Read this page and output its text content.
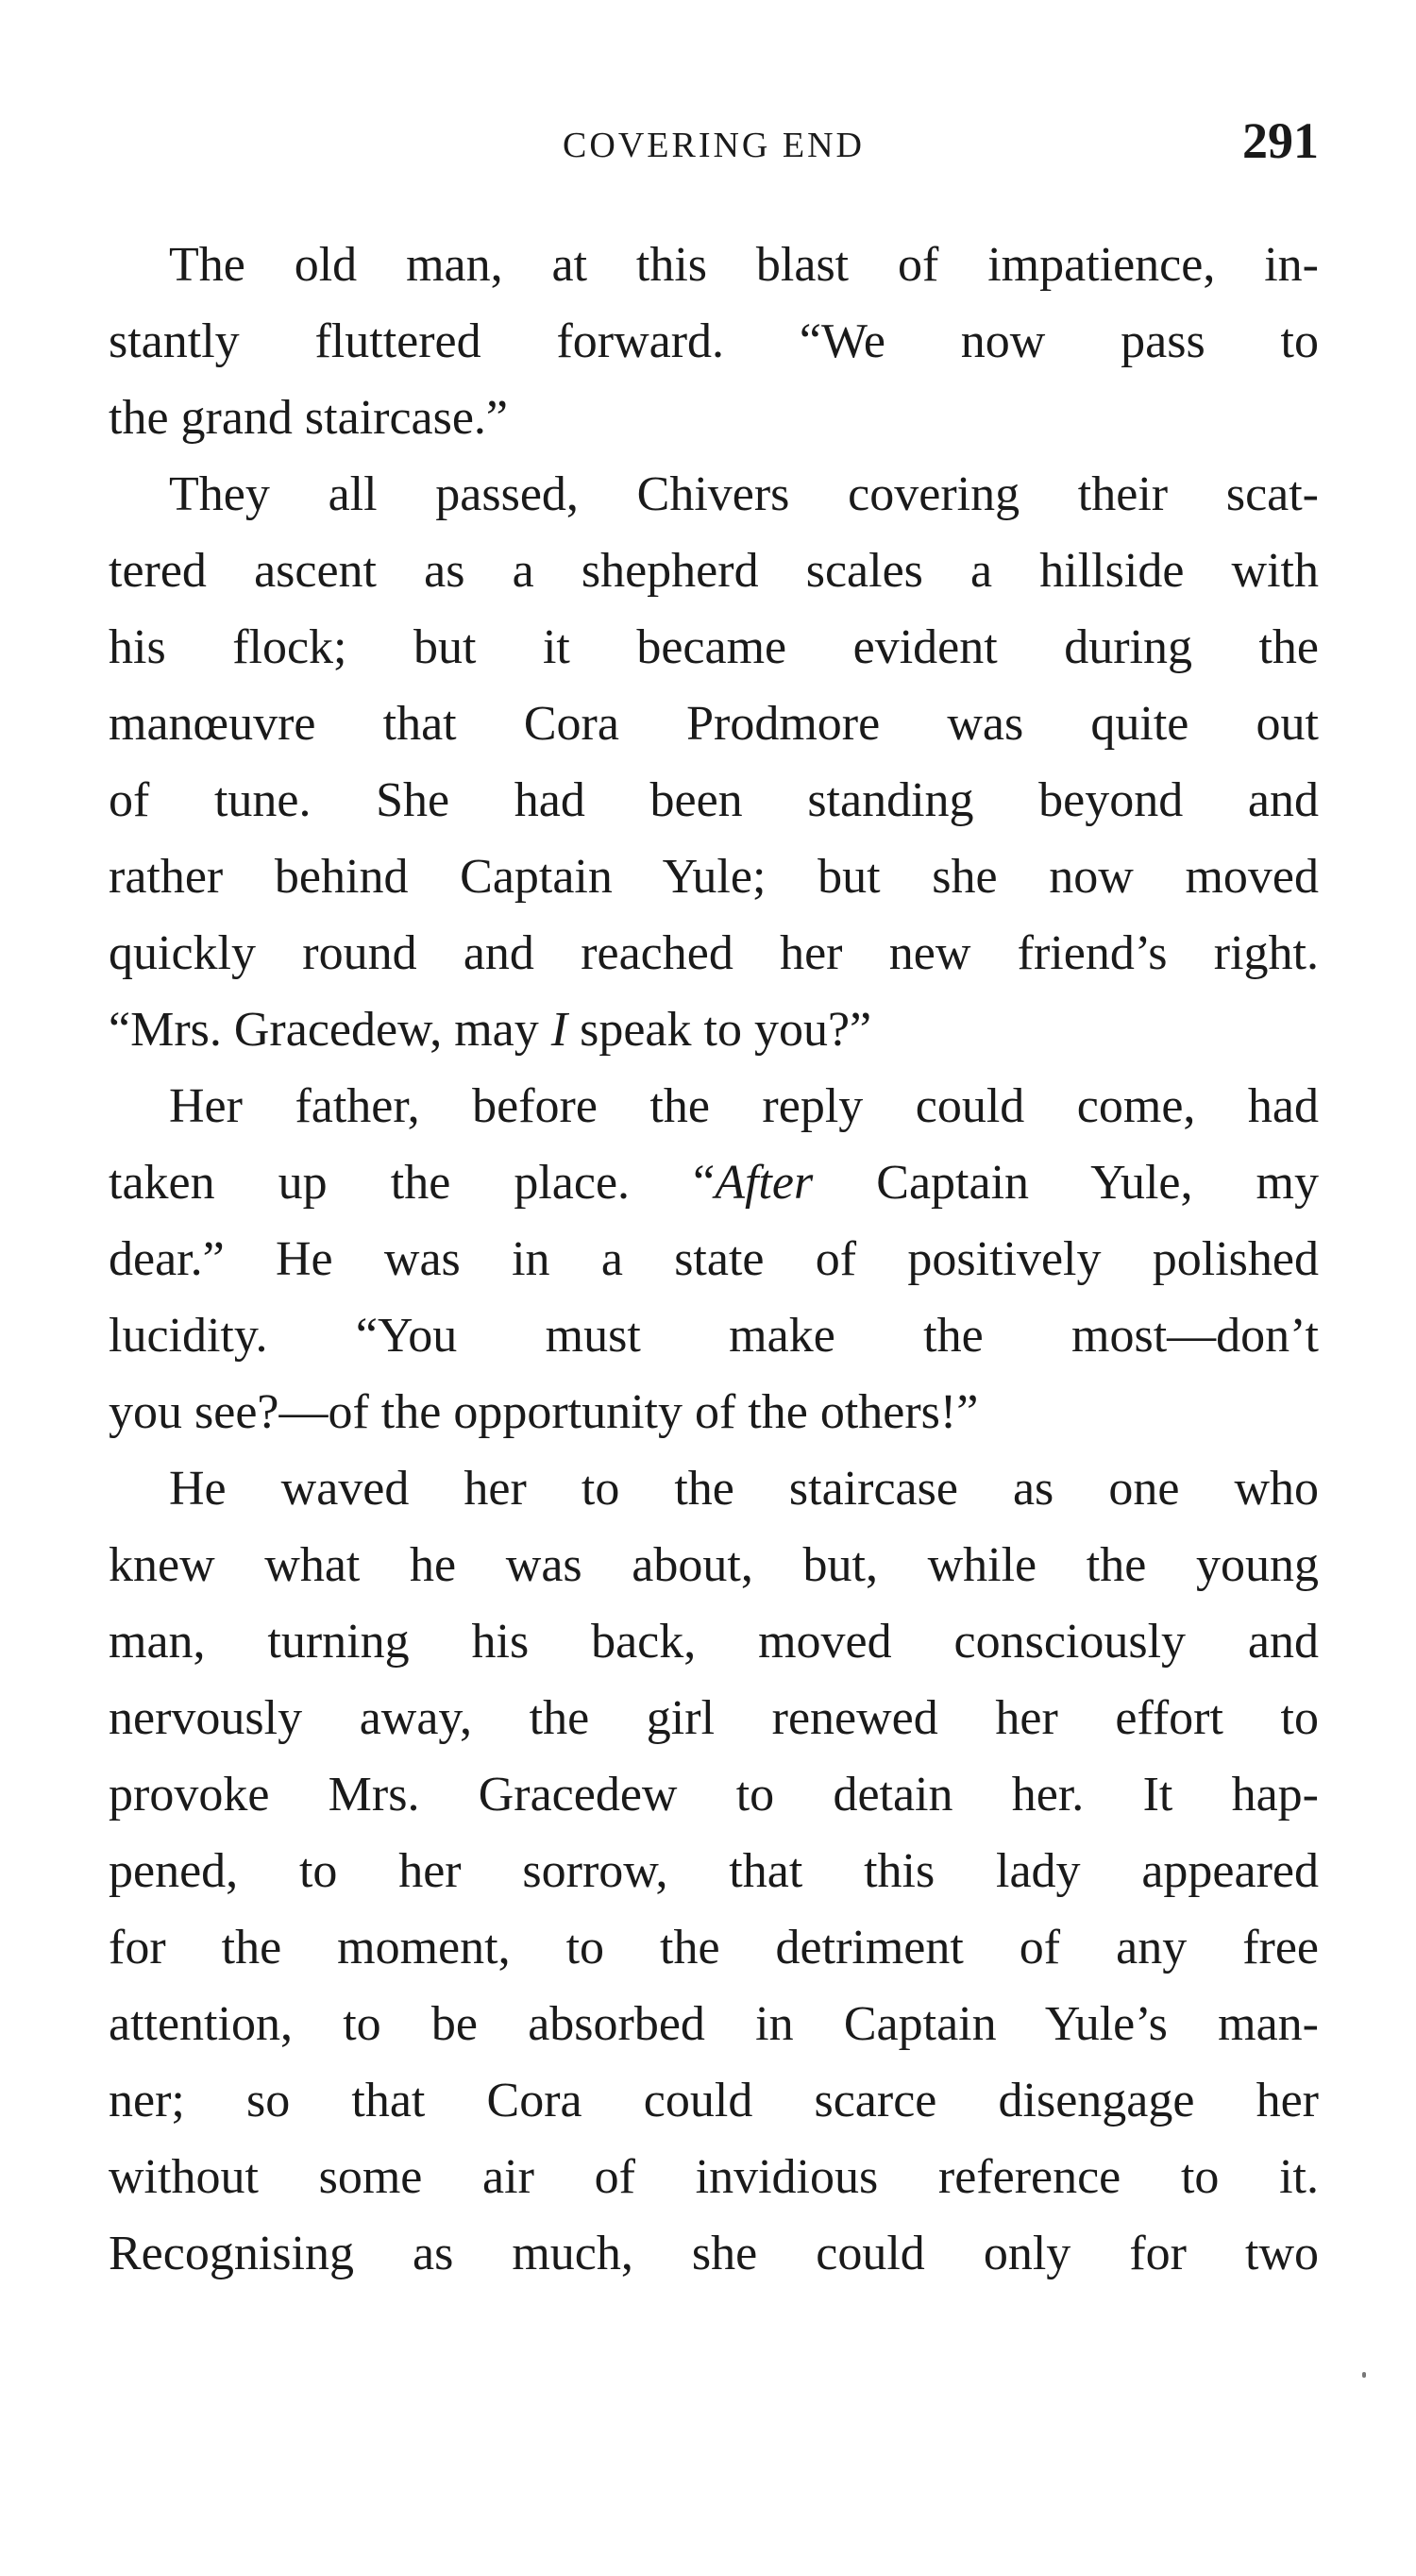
COVERING END	291
The old man, at this blast of impatience, in-
stantly fluttered forward. “We now pass to
the grand staircase.”
They all passed, Chivers covering their scat-
tered ascent as a shepherd scales a hillside with
his flock; but it became evident during the
manœuvre that Cora Prodmore was quite out
of tune. She had been standing beyond and
rather behind Captain Yule; but she now moved
quickly round and reached her new friend’s right.
“Mrs. Gracedew, may I speak to you?”
Her father, before the reply could come, had
taken up the place. “After Captain Yule, my
dear.” He was in a state of positively polished
lucidity. “You must make the most—don’t
you see?—of the opportunity of the others!”
He waved her to the staircase as one who
knew what he was about, but, while the young
man, turning his back, moved consciously and
nervously away, the girl renewed her effort to
provoke Mrs. Gracedew to detain her. It hap-
pened, to her sorrow, that this lady appeared
for the moment, to the detriment of any free
attention, to be absorbed in Captain Yule’s man-
ner; so that Cora could scarce disengage her
without some air of invidious reference to it.
Recognising as much, she could only for two
